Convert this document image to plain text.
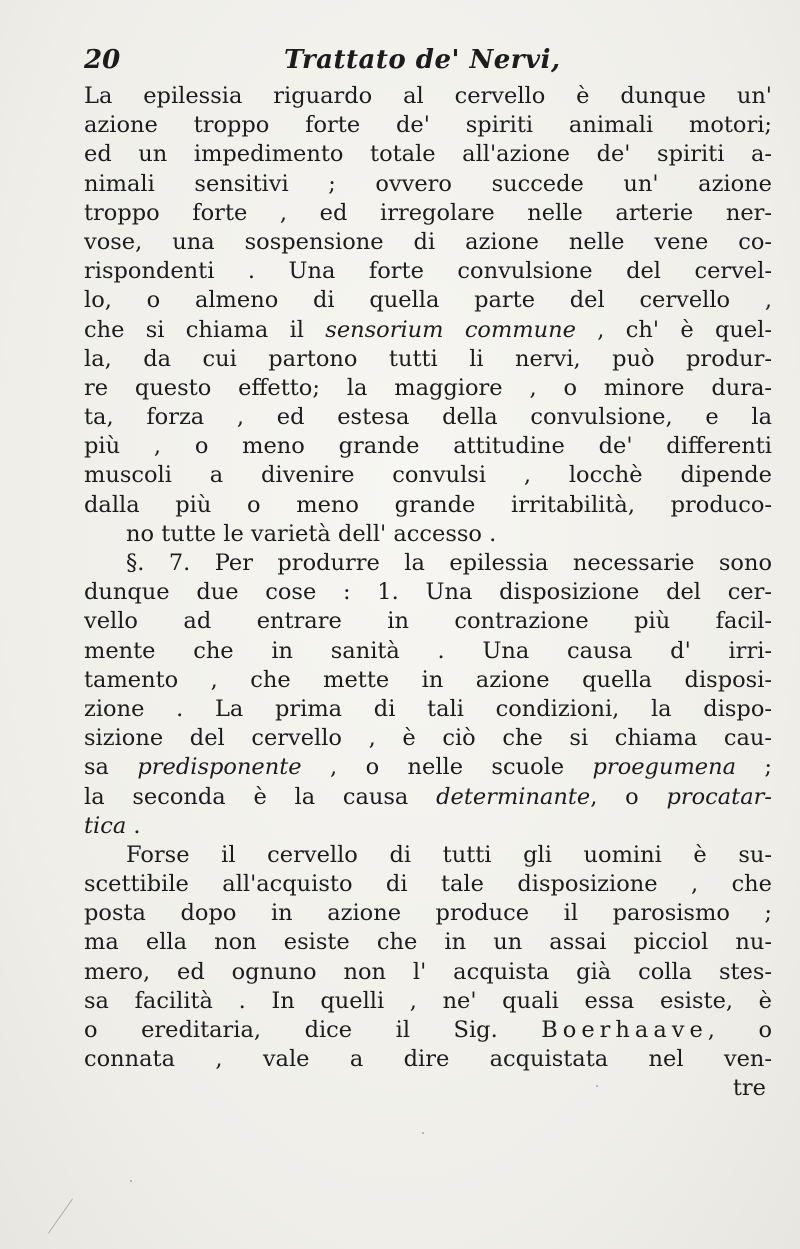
20	Trattato de' Nervi,
La epilessia riguardo al cervello è dunque un'
azione troppo forte de' spiriti animali motori;
ed un impedimento totale all'azione de' spiriti a-
nimali sensitivi ; ovvero succede un' azione
troppo forte , ed irregolare nelle arterie ner-
vose, una sospensione di azione nelle vene co-
rispondenti . Una forte convulsione del cervel-
lo, o almeno di quella parte del cervello ,
che si chiama il sensorium commune , ch' è quel-
la, da cui partono tutti li nervi, può produr-
re questo effetto; la maggiore , o minore dura-
ta, forza , ed estesa della convulsione, e la
più , o meno grande attitudine de' differenti
muscoli a divenire convulsi , locchè dipende
dalla più o meno grande irritabilità, produco-
no tutte le varietà dell' accesso .
§. 7. Per produrre la epilessia necessarie sono
dunque due cose : 1. Una disposizione del cer-
vello ad entrare in contrazione più facil-
mente che in sanità . Una causa d' irri-
tamento , che mette in azione quella disposi-
zione . La prima di tali condizioni, la dispo-
sizione del cervello , è ciò che si chiama cau-
sa predisponente , o nelle scuole proegumena ;
la seconda è la causa determinante, o procatar-
tica .
Forse il cervello di tutti gli uomini è su-
scettibile all'acquisto di tale disposizione , che
posta dopo in azione produce il parosismo ;
ma ella non esiste che in un assai picciol nu-
mero, ed ognuno non l' acquista già colla stes-
sa facilità . In quelli , ne' quali essa esiste, è
o ereditaria, dice il Sig. Boerhaave, o
connata , vale a dire acquistata nel ven-
tre
